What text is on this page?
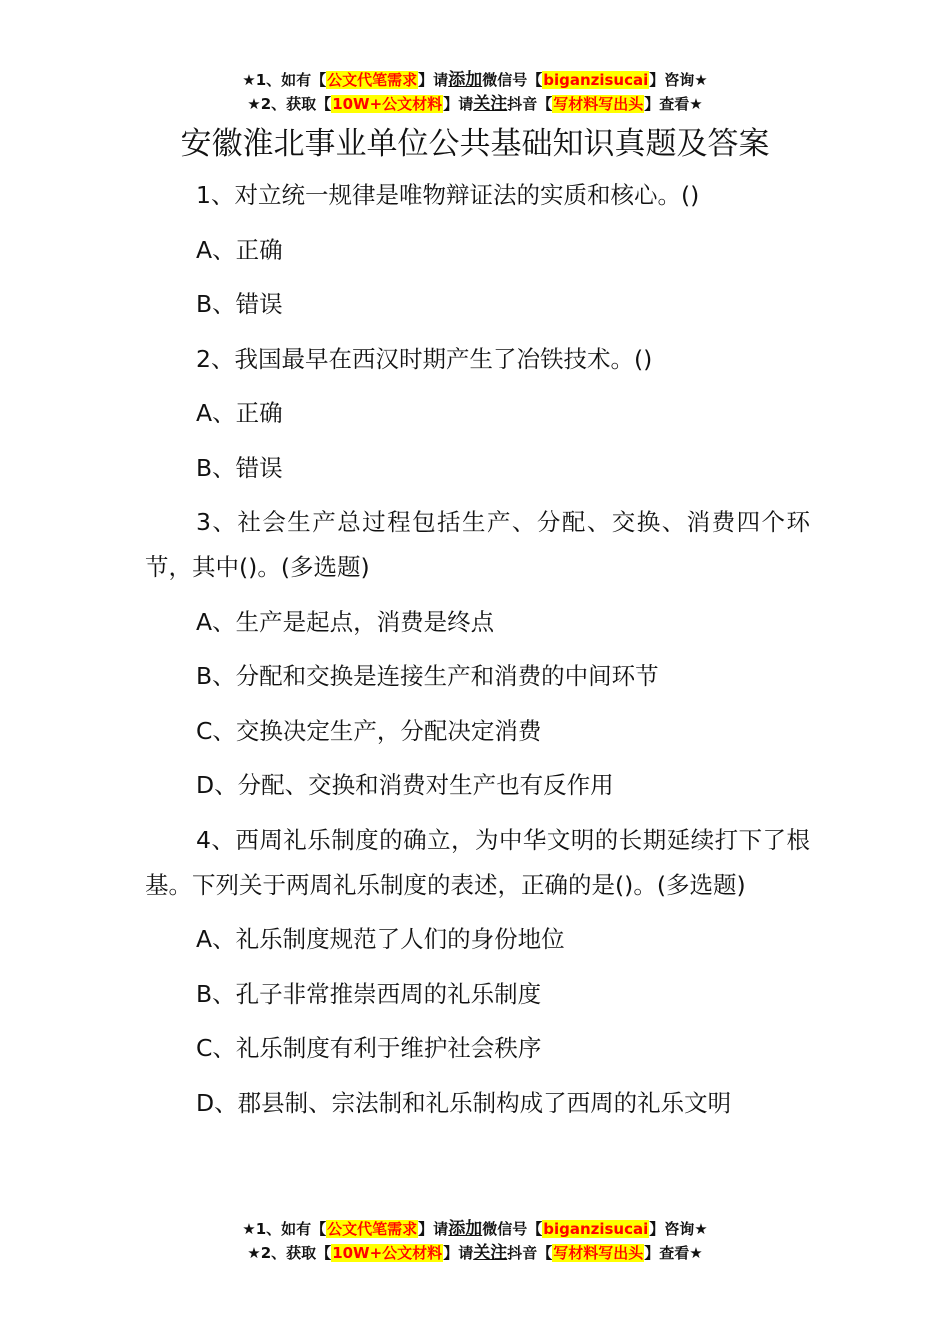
★1、如有【公文代笔需求】请添加微信号【biganzisucai】咨询★
★2、获取【10W+公文材料】请关注抖音【写材料写出头】查看★
安徽淮北事业单位公共基础知识真题及答案

1、对立统一规律是唯物辩证法的实质和核心。()

A、正确

B、错误

2、我国最早在西汉时期产生了冶铁技术。()

A、正确

B、错误

3、社会生产总过程包括生产、分配、交换、消费四个环节，其中()。(多选题)

A、生产是起点，消费是终点

B、分配和交换是连接生产和消费的中间环节

C、交换决定生产，分配决定消费

D、分配、交换和消费对生产也有反作用

4、西周礼乐制度的确立，为中华文明的长期延续打下了根基。下列关于两周礼乐制度的表述，正确的是()。(多选题)

A、礼乐制度规范了人们的身份地位

B、孔子非常推崇西周的礼乐制度

C、礼乐制度有利于维护社会秩序

D、郡县制、宗法制和礼乐制构成了西周的礼乐文明

★1、如有【公文代笔需求】请添加微信号【biganzisucai】咨询★
★2、获取【10W+公文材料】请关注抖音【写材料写出头】查看★
